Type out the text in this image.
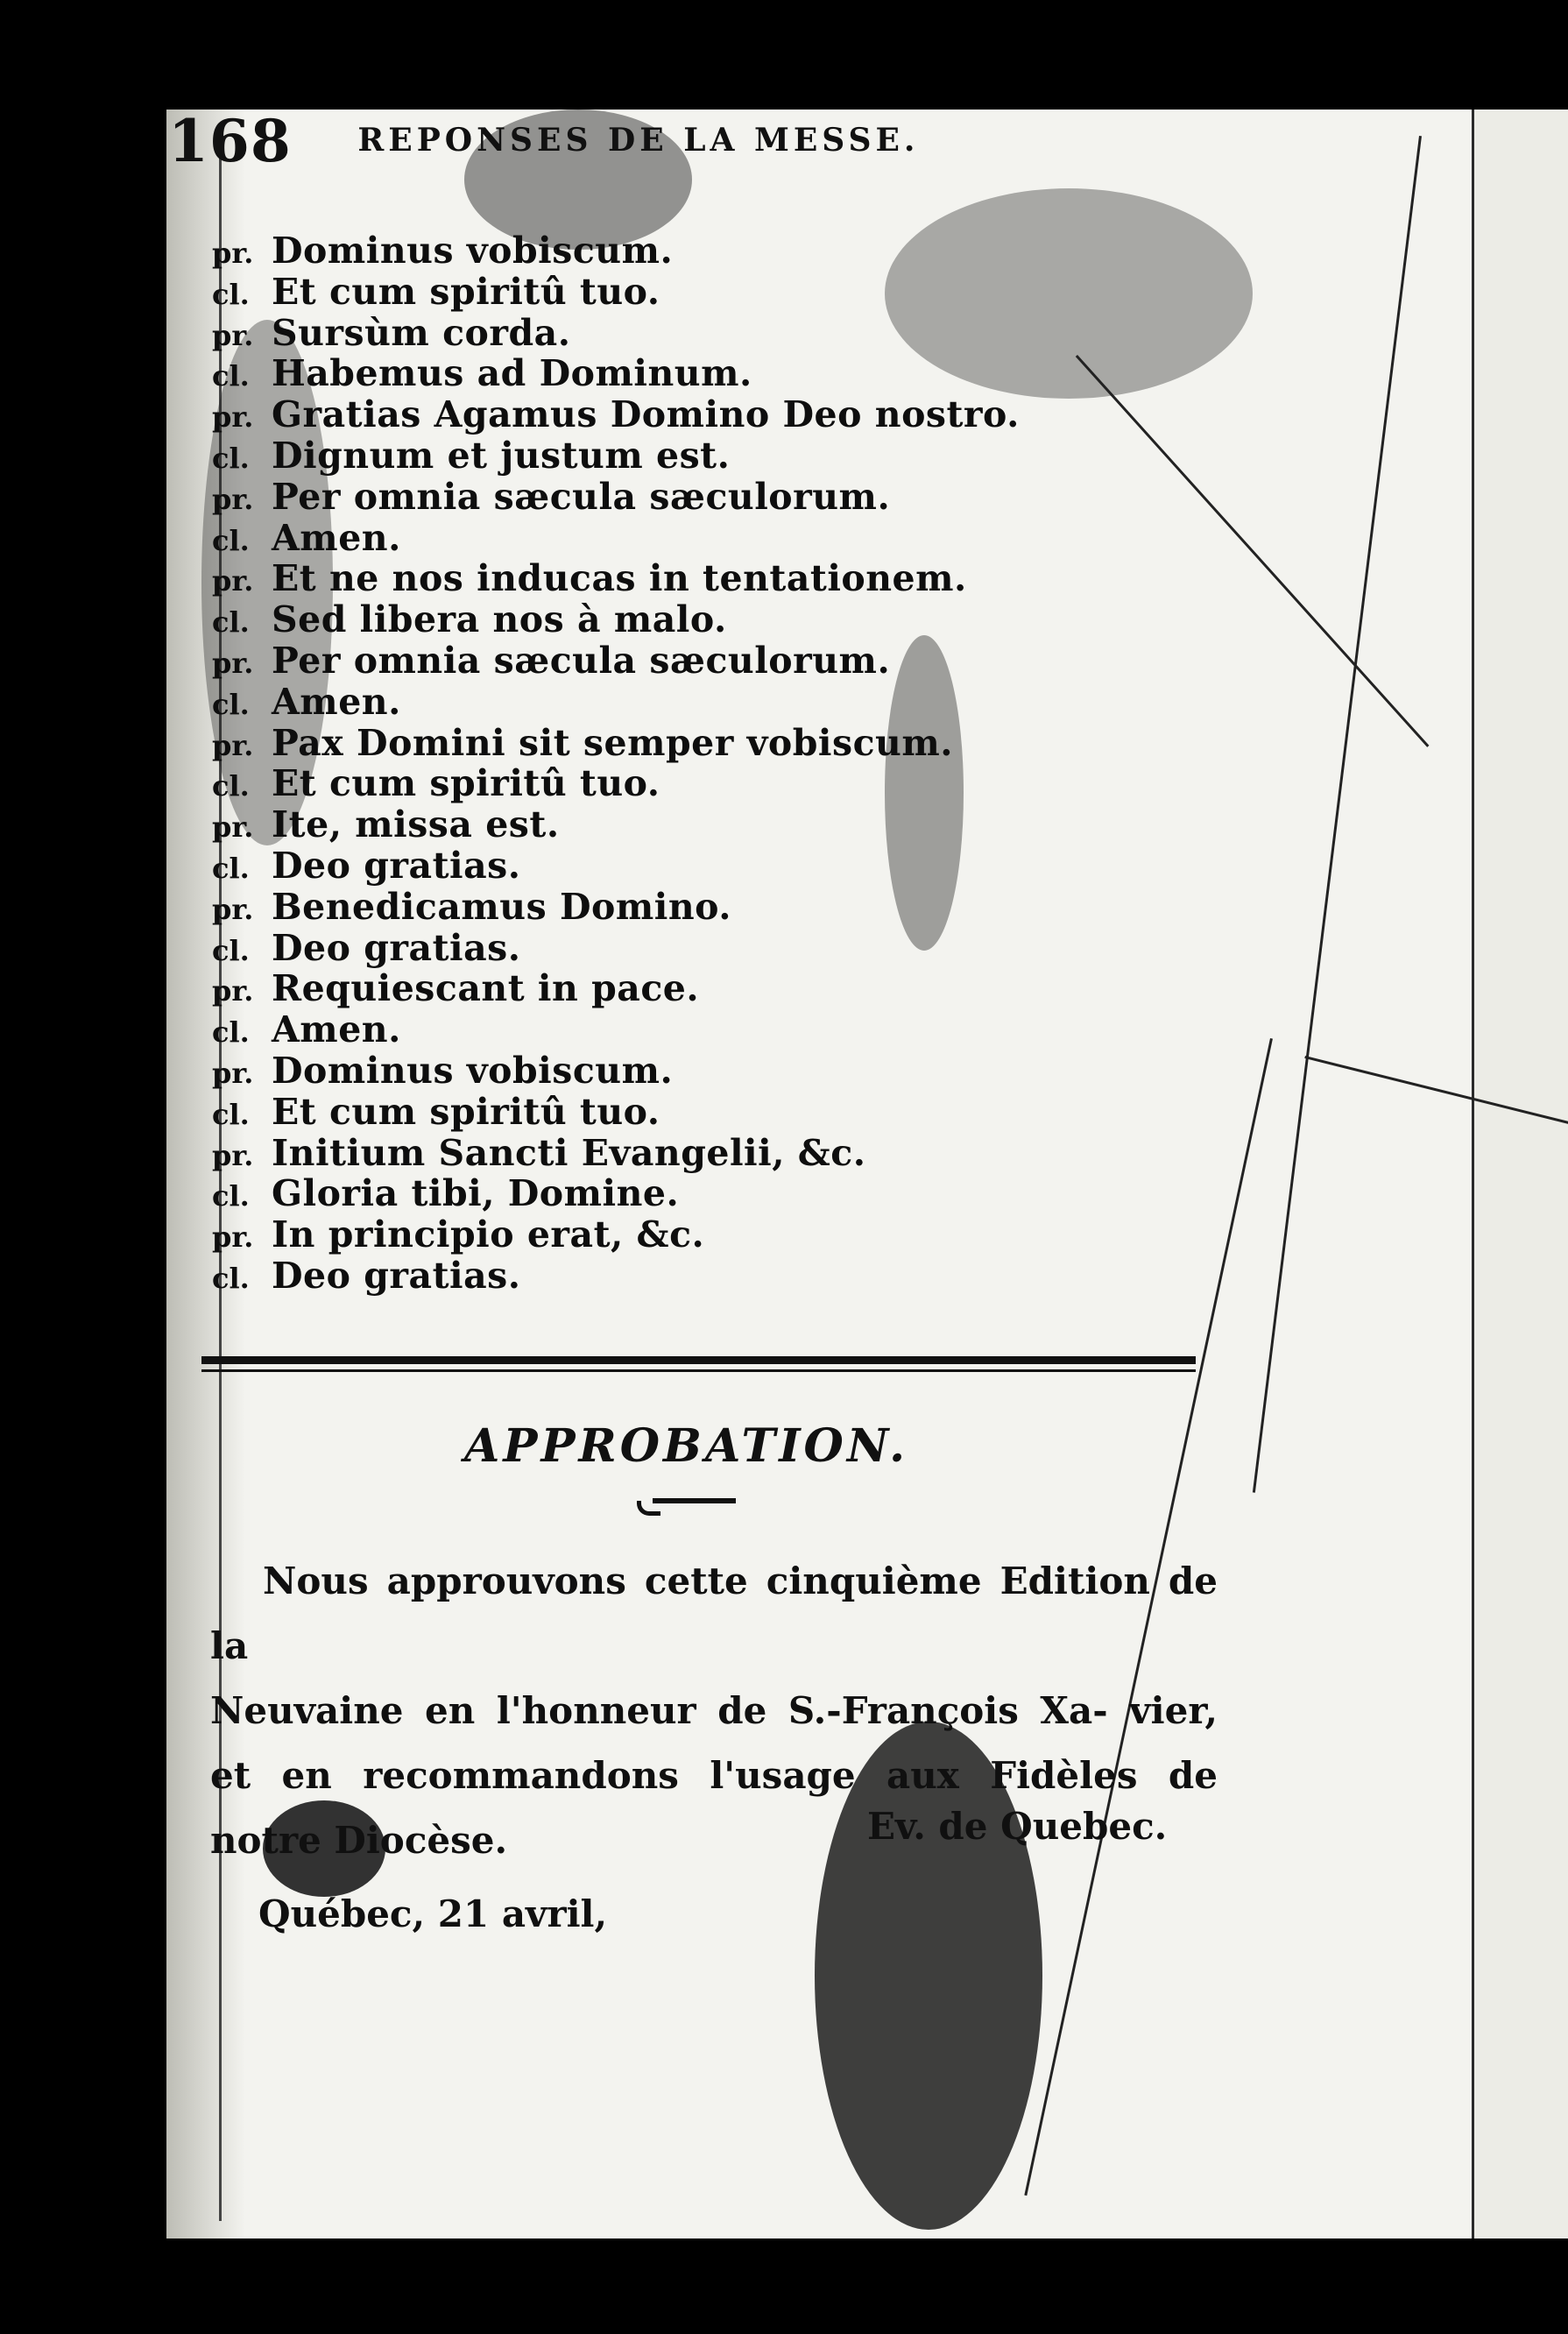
168 REPONSES DE LA MESSE.
pr. Dominus vobiscum.
cl. Et cum spiritû tuo.
pr. Sursùm corda.
cl. Habemus ad Dominum.
pr. Gratias Agamus Domino Deo nostro.
cl. Dignum et justum est.
pr. Per omnia sæcula sæculorum.
cl. Amen.
pr. Et ne nos inducas in tentationem.
cl. Sed libera nos à malo.
pr. Per omnia sæcula sæculorum.
cl. Amen.
pr. Pax Domini sit semper vobiscum.
cl. Et cum spiritû tuo.
pr. Ite, missa est.
cl. Deo gratias.
pr. Benedicamus Domino.
cl. Deo gratias.
pr. Requiescant in pace.
cl. Amen.
pr. Dominus vobiscum.
cl. Et cum spiritû tuo.
pr. Initium Sancti Evangelii, &c.
cl. Gloria tibi, Domine.
pr. In principio erat, &c.
cl. Deo gratias.
APPROBATION.
Nous approuvons cette cinquième Edition de la
Neuvaine en l'honneur de S.-François Xa- vier, et en recommandons l'usage aux Fidèles de notre Diocèse.	Ev. de Quebec.
Québec, 21 avril,
